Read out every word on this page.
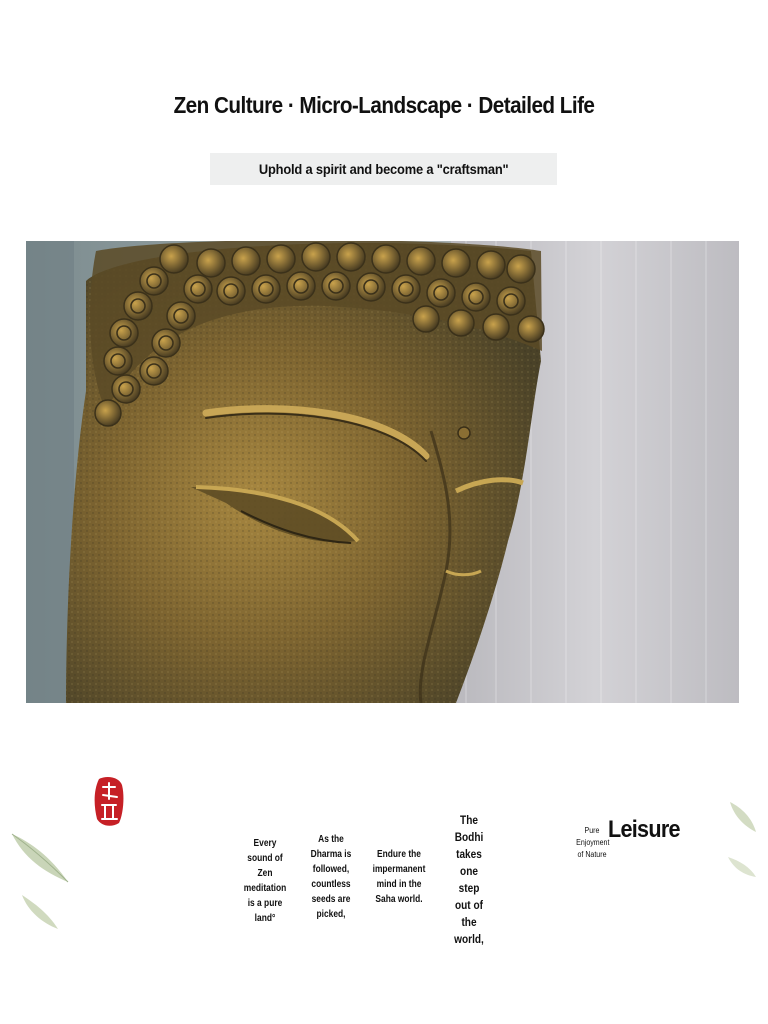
Zen Culture · Micro-Landscape · Detailed Life
Uphold a spirit and become a "craftsman"
Every sound of Zen meditation is a pure land°
As the Dharma is followed, countless seeds are picked,
Endure the impermanent mind in the Saha world.
The Bodhi takes one step out of the world,
Pure Enjoyment of Nature
Leisure
